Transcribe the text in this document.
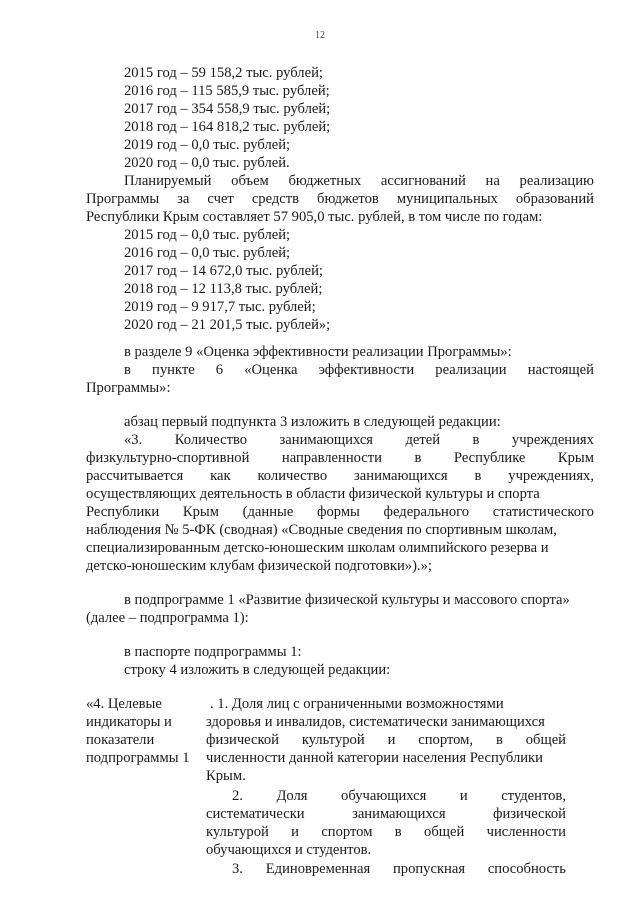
12
2015 год – 59 158,2 тыс. рублей;
2016 год – 115 585,9 тыс. рублей;
2017 год – 354 558,9 тыс. рублей;
2018 год – 164 818,2 тыс. рублей;
2019 год – 0,0 тыс. рублей;
2020 год – 0,0 тыс. рублей.
Планируемый объем бюджетных ассигнований на реализацию
Программы за счет средств бюджетов муниципальных образований
Республики Крым составляет 57 905,0 тыс. рублей, в том числе по годам:
2015 год – 0,0 тыс. рублей;
2016 год – 0,0 тыс. рублей;
2017 год – 14 672,0 тыс. рублей;
2018 год – 12 113,8 тыс. рублей;
2019 год – 9 917,7 тыс. рублей;
2020 год – 21 201,5 тыс. рублей»;
в разделе 9 «Оценка эффективности реализации Программы»:
в пункте 6 «Оценка эффективности реализации настоящей
Программы»:
абзац первый подпункта 3 изложить в следующей редакции:
«3. Количество занимающихся детей в учреждениях
физкультурно-спортивной направленности в Республике Крым
рассчитывается как количество занимающихся в учреждениях,
осуществляющих деятельность в области физической культуры и спорта
Республики Крым (данные формы федерального статистического
наблюдения № 5-ФК (сводная) «Сводные сведения по спортивным школам,
специализированным детско-юношеским школам олимпийского резерва и
детско-юношеским клубам физической подготовки»).»;
в подпрограмме 1 «Развитие физической культуры и массового спорта»
(далее – подпрограмма 1):
в паспорте подпрограммы 1:
строку 4 изложить в следующей редакции:
«4. Целевые
индикаторы и
показатели
подпрограммы 1
. 1. Доля лиц с ограниченными возможностями
здоровья и инвалидов, систематически занимающихся
физической культурой и спортом, в общей
численности данной категории населения Республики
Крым.
2. Доля обучающихся и студентов,
систематически	занимающихся	физической
культурой и спортом в общей численности
обучающихся и студентов.
3. Единовременная пропускная способность
